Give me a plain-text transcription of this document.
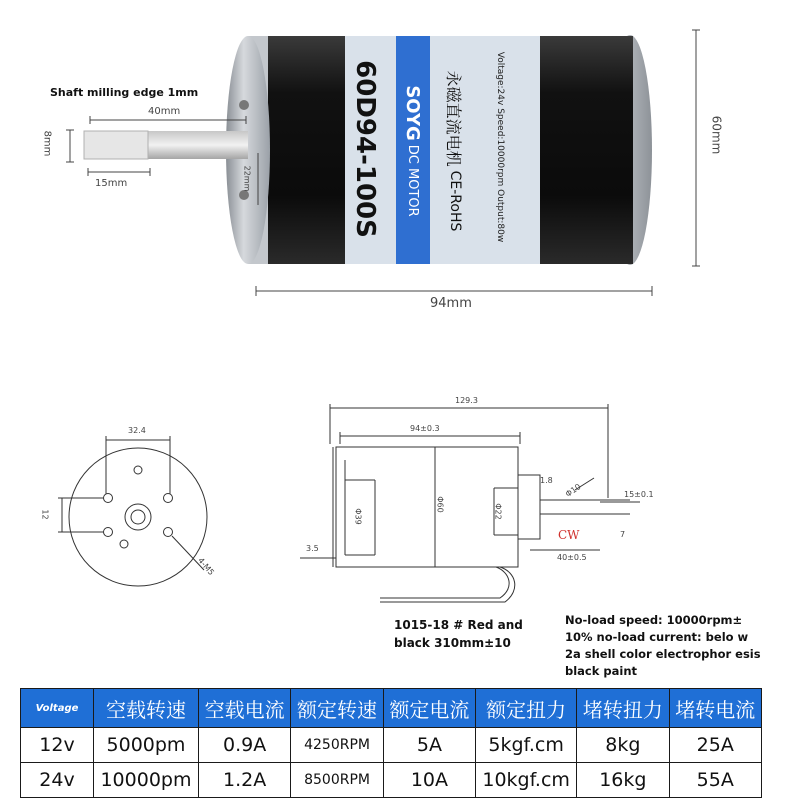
60D94-100S SOYG
DC MOTOR
永磁直流电机
CE-RoHS	Voltage:24v Speed:10000rpm Output:80w
Shaft milling edge 1mm
40mm
8mm
15mm	22mm
60mm
94mm
32.4
12
4-M5
129.3
94±0.3
Φ60
Φ39	Φ22
3.5
1.8
Φ10	15±0.1
40±0.5
7
CW
1015-18 # Red and black 310mm±10
No-load speed: 10000rpm± 10% no-load current: belo w 2a shell color electrophor esis black paint
Voltage	空载转速	空载电流	额定转速	额定电流	额定扭力	堵转扭力	堵转电流
12v	5000pm	0.9A	4250RPM	5A	5kgf.cm	8kg	25A
24v	10000pm	1.2A	8500RPM	10A	10kgf.cm	16kg	55A
